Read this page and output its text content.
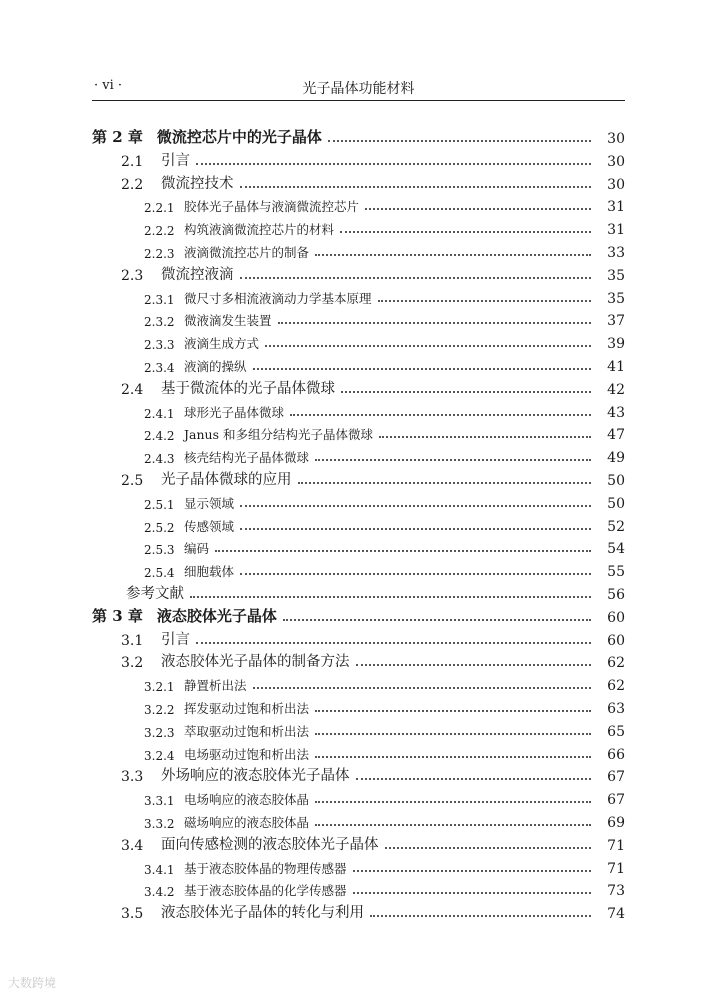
· vi ·	光子晶体功能材料
第 2 章 微流控芯片中的光子晶体	30
2.1 引言	30
2.2 微流控技术	30
2.2.1 胶体光子晶体与液滴微流控芯片	31
2.2.2 构筑液滴微流控芯片的材料	31
2.2.3 液滴微流控芯片的制备	33
2.3 微流控液滴	35
2.3.1 微尺寸多相流液滴动力学基本原理	35
2.3.2 微液滴发生装置	37
2.3.3 液滴生成方式	39
2.3.4 液滴的操纵	41
2.4 基于微流体的光子晶体微球	42
2.4.1 球形光子晶体微球	43
2.4.2 Janus 和多组分结构光子晶体微球	47
2.4.3 核壳结构光子晶体微球	49
2.5 光子晶体微球的应用	50
2.5.1 显示领域	50
2.5.2 传感领域	52
2.5.3 编码	54
2.5.4 细胞载体	55
参考文献	56
第 3 章 液态胶体光子晶体	60
3.1 引言	60
3.2 液态胶体光子晶体的制备方法	62
3.2.1 静置析出法	62
3.2.2 挥发驱动过饱和析出法	63
3.2.3 萃取驱动过饱和析出法	65
3.2.4 电场驱动过饱和析出法	66
3.3 外场响应的液态胶体光子晶体	67
3.3.1 电场响应的液态胶体晶	67
3.3.2 磁场响应的液态胶体晶	69
3.4 面向传感检测的液态胶体光子晶体	71
3.4.1 基于液态胶体晶的物理传感器	71
3.4.2 基于液态胶体晶的化学传感器	73
3.5 液态胶体光子晶体的转化与利用	74
大数跨境
